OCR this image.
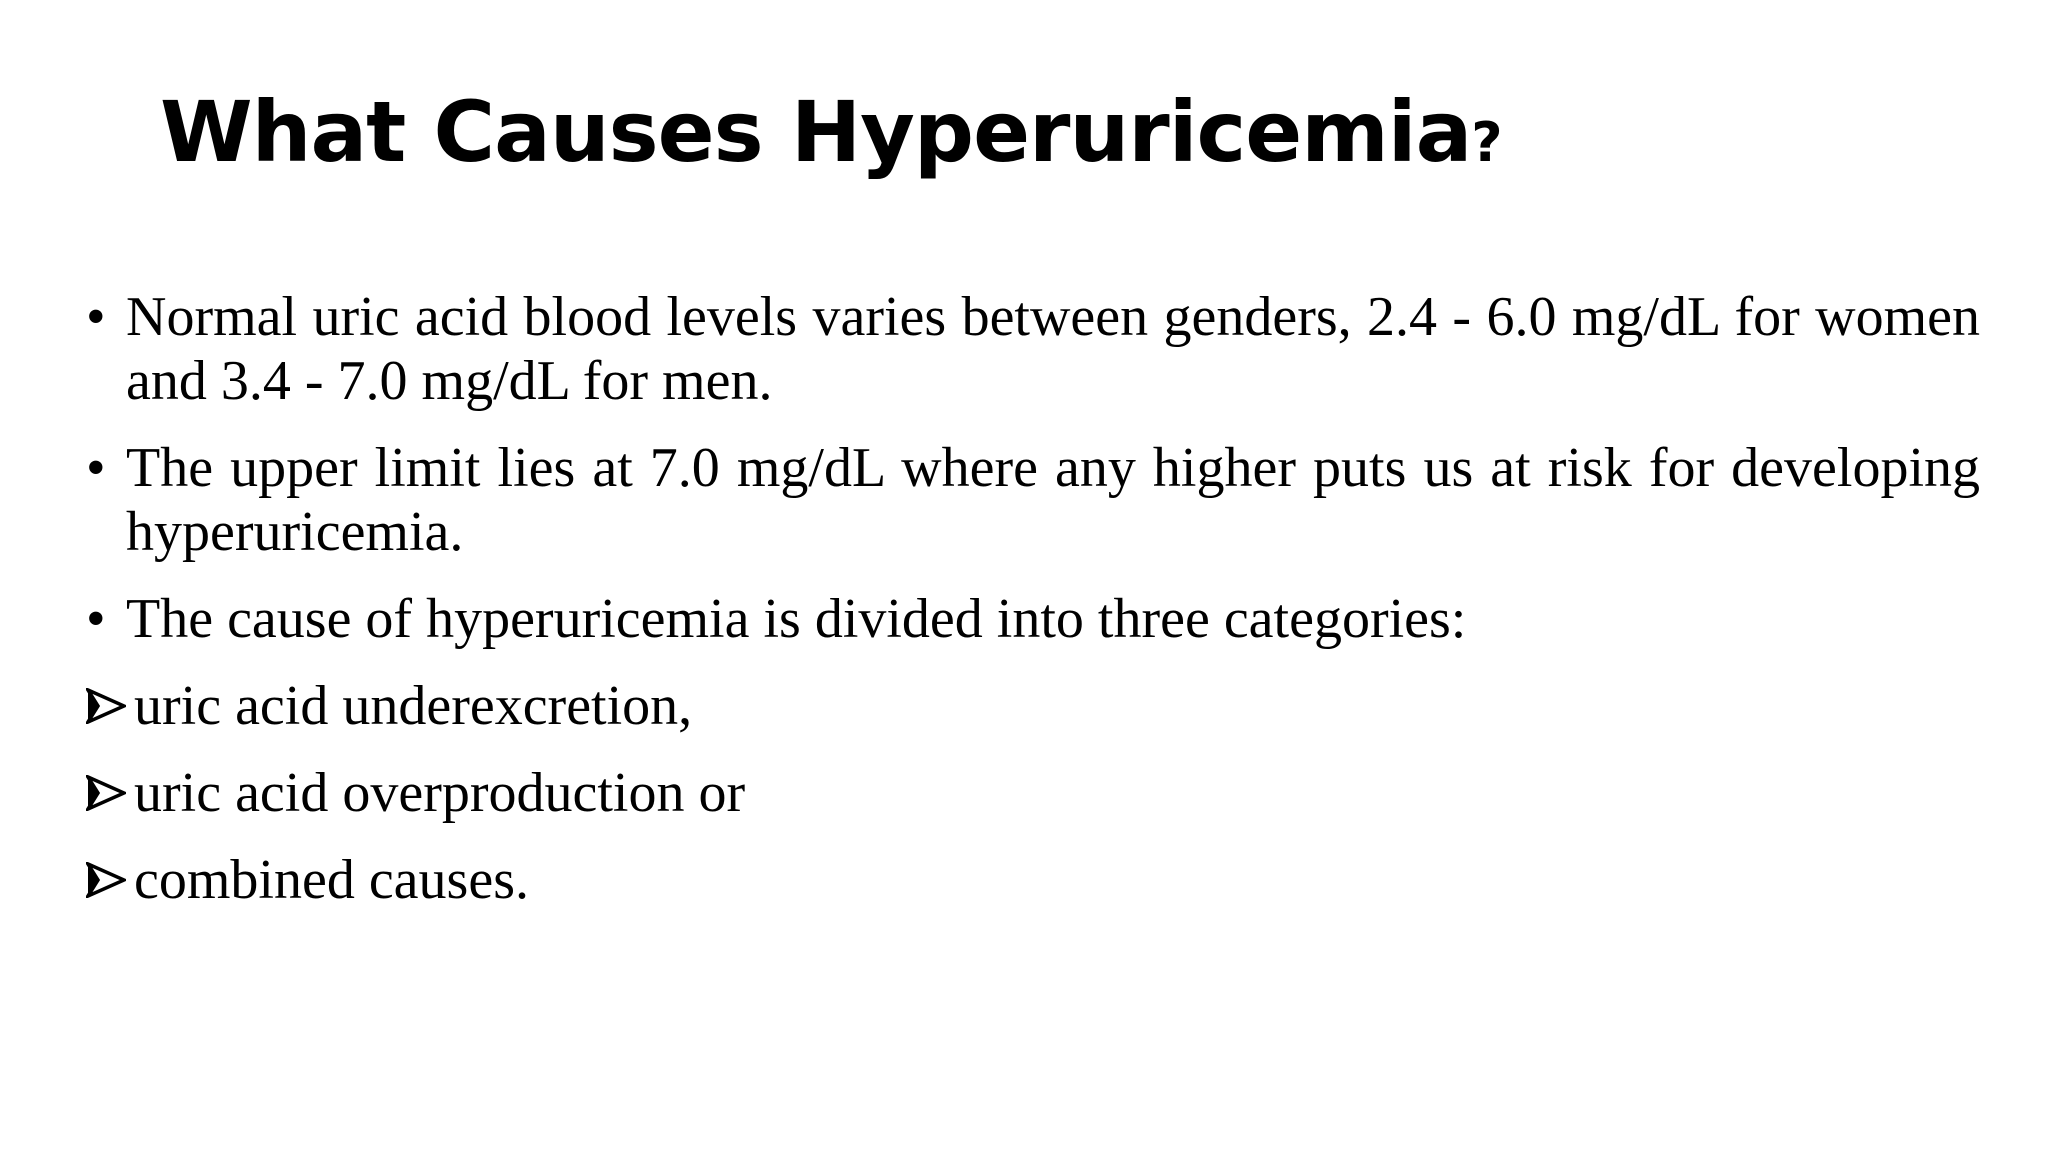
What Causes Hyperuricemia?

• Normal uric acid blood levels varies between genders, 2.4 - 6.0 mg/dL for women and 3.4 - 7.0 mg/dL for men.

• The upper limit lies at 7.0 mg/dL where any higher puts us at risk for developing hyperuricemia.

• The cause of hyperuricemia is divided into three categories:

uric acid underexcretion,

uric acid overproduction or

combined causes.
